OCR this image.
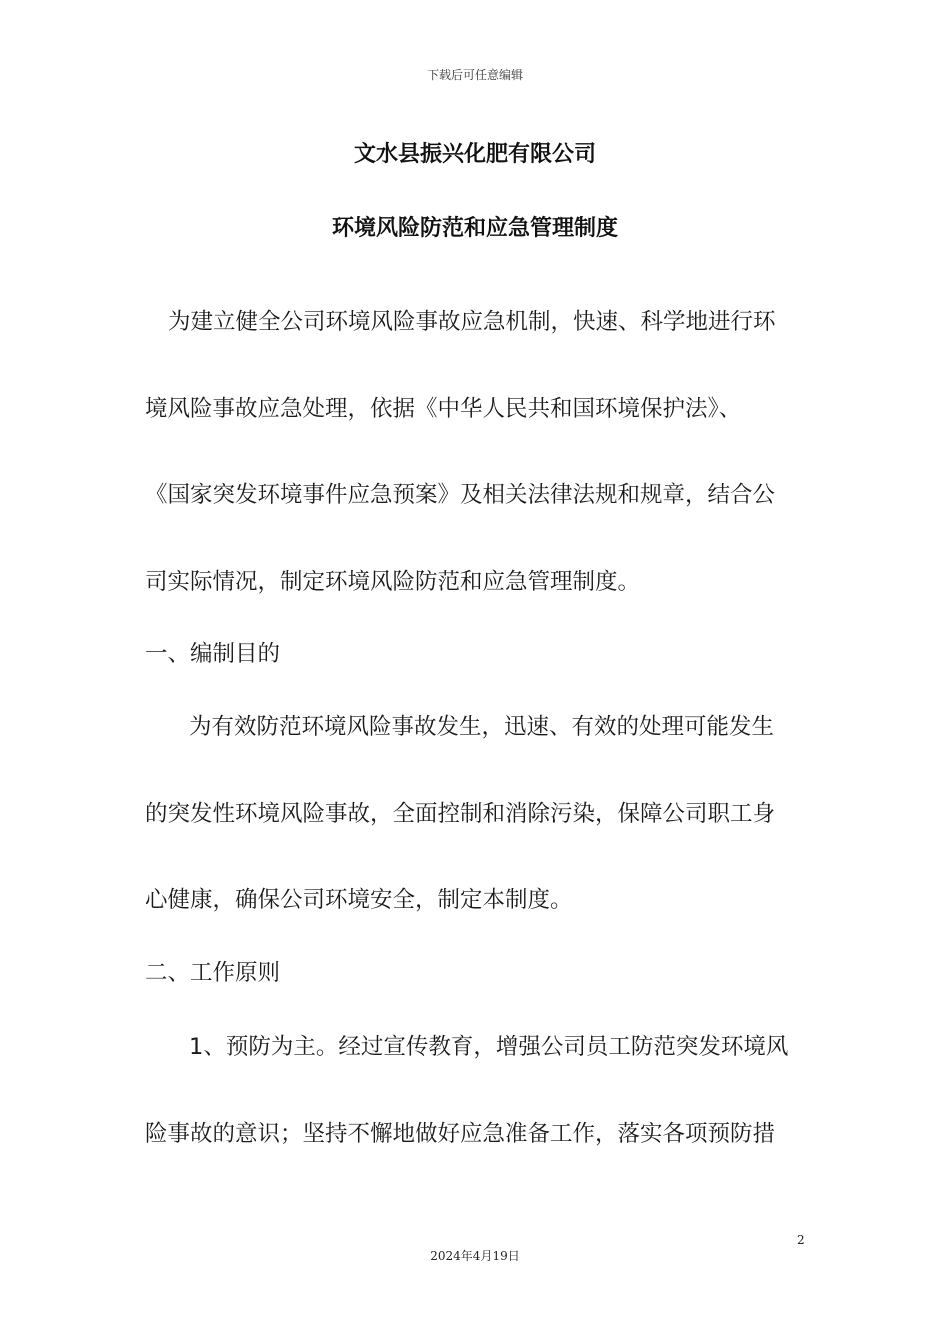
下载后可任意编辑
文水县振兴化肥有限公司
环境风险防范和应急管理制度
为建立健全公司环境风险事故应急机制，快速、科学地进行环
境风险事故应急处理，依据《中华人民共和国环境保护法》、
《国家突发环境事件应急预案》及相关法律法规和规章，结合公
司实际情况，制定环境风险防范和应急管理制度。
一、编制目的
为有效防范环境风险事故发生，迅速、有效的处理可能发生
的突发性环境风险事故，全面控制和消除污染，保障公司职工身
心健康，确保公司环境安全，制定本制度。
二、工作原则
1、预防为主。经过宣传教育，增强公司员工防范突发环境风
险事故的意识；坚持不懈地做好应急准备工作，落实各项预防措
2
2024年4月19日
